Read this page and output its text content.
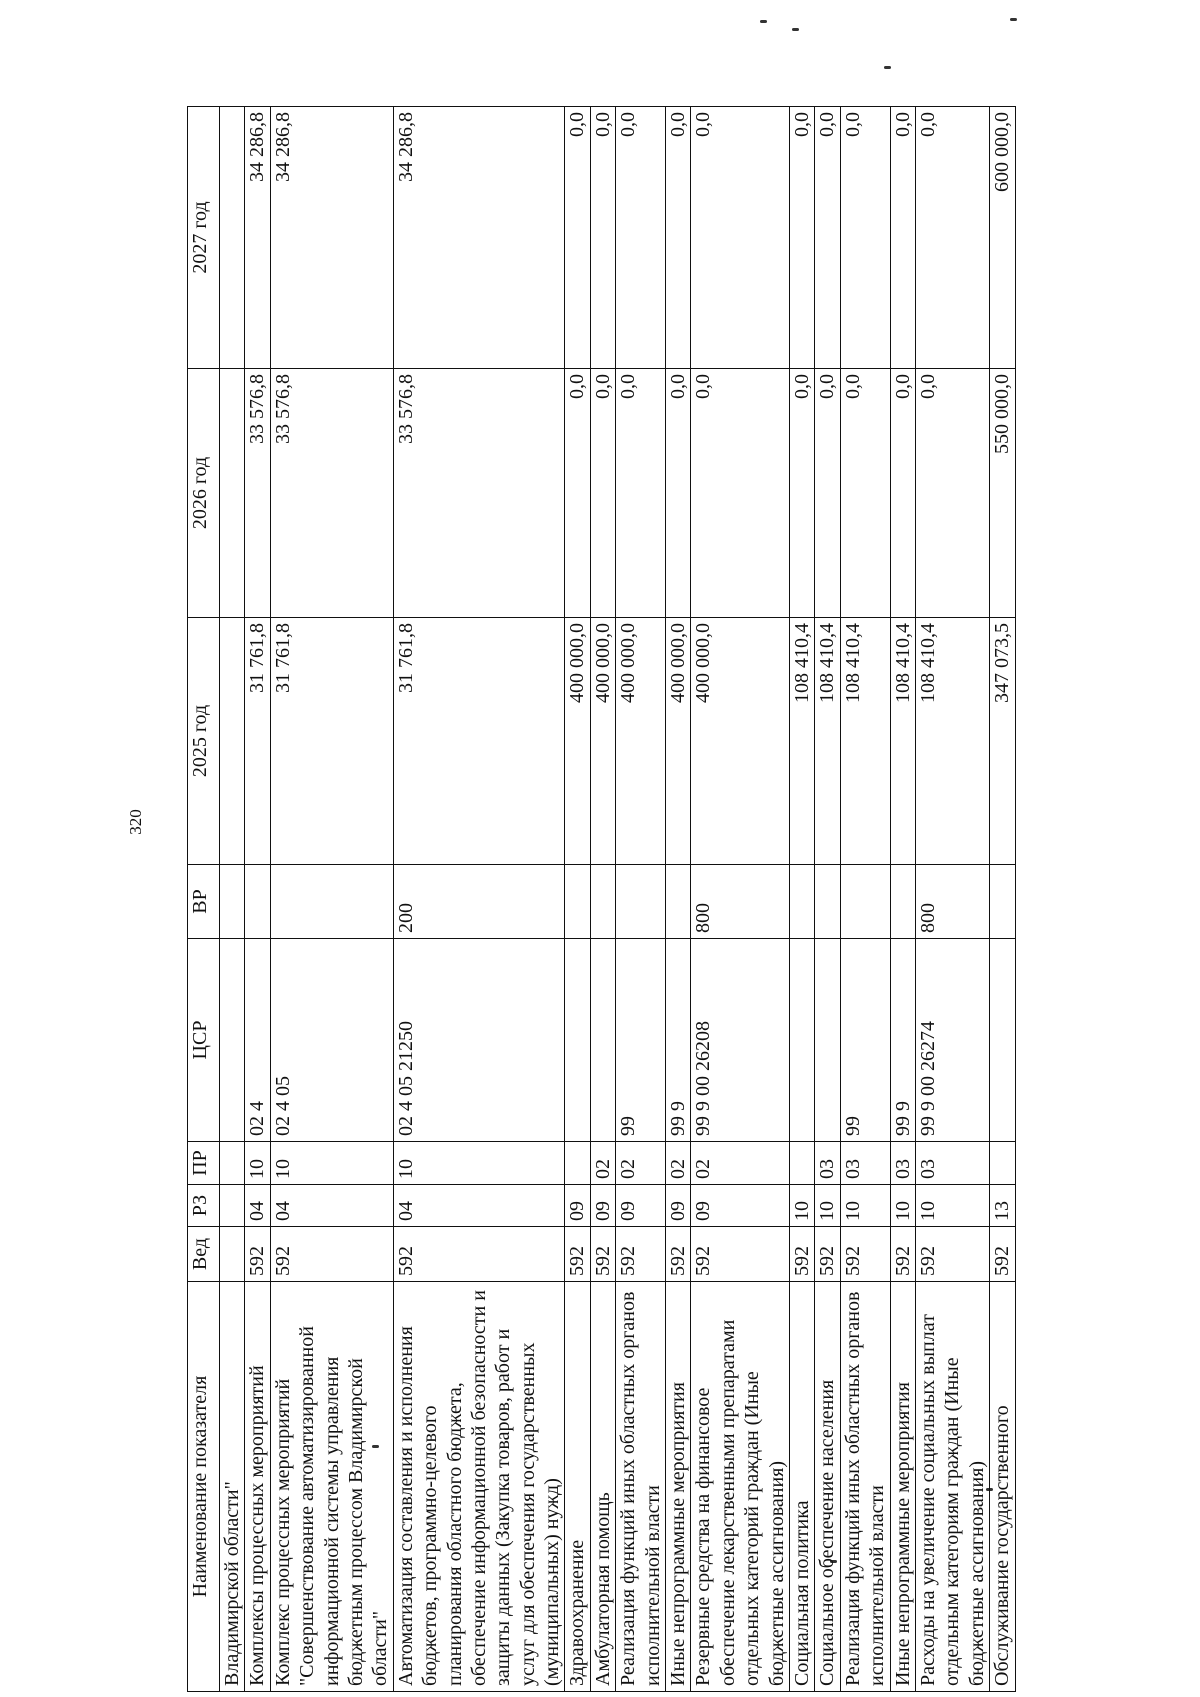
320
Наименование показателя	Вед	РЗ	ПР	ЦСР	ВР	2025 год	2026 год	2027 год
Владимирской области"								
Комплексы процессных мероприятий	592	04	10	02 4		31 761,8	33 576,8	34 286,8
Комплекс процессных мероприятий "Совершенствование автоматизированной информационной системы управления бюджетным процессом Владимирской области"	592	04	10	02 4 05		31 761,8	33 576,8	34 286,8
Автоматизация составления и исполнения бюджетов, программно-целевого планирования областного бюджета, обеспечение информационной безопасности и защиты данных (Закупка товаров, работ и услуг для обеспечения государственных (муниципальных) нужд)	592	04	10	02 4 05 21250	200	31 761,8	33 576,8	34 286,8
Здравоохранение	592	09				400 000,0	0,0	0,0
Амбулаторная помощь	592	09	02			400 000,0	0,0	0,0
Реализация функций иных областных органов исполнительной власти	592	09	02	99		400 000,0	0,0	0,0
Иные непрограммные мероприятия	592	09	02	99 9		400 000,0	0,0	0,0
Резервные средства на финансовое обеспечение лекарственными препаратами отдельных категорий граждан (Иные бюджетные ассигнования)	592	09	02	99 9 00 26208	800	400 000,0	0,0	0,0
Социальная политика	592	10				108 410,4	0,0	0,0
Социальное обеспечение населения	592	10	03			108 410,4	0,0	0,0
Реализация функций иных областных органов исполнительной власти	592	10	03	99		108 410,4	0,0	0,0
Иные непрограммные мероприятия	592	10	03	99 9		108 410,4	0,0	0,0
Расходы на увеличение социальных выплат отдельным категориям граждан (Иные бюджетные ассигнования)	592	10	03	99 9 00 26274	800	108 410,4	0,0	0,0
Обслуживание государственного	592	13				347 073,5	550 000,0	600 000,0
